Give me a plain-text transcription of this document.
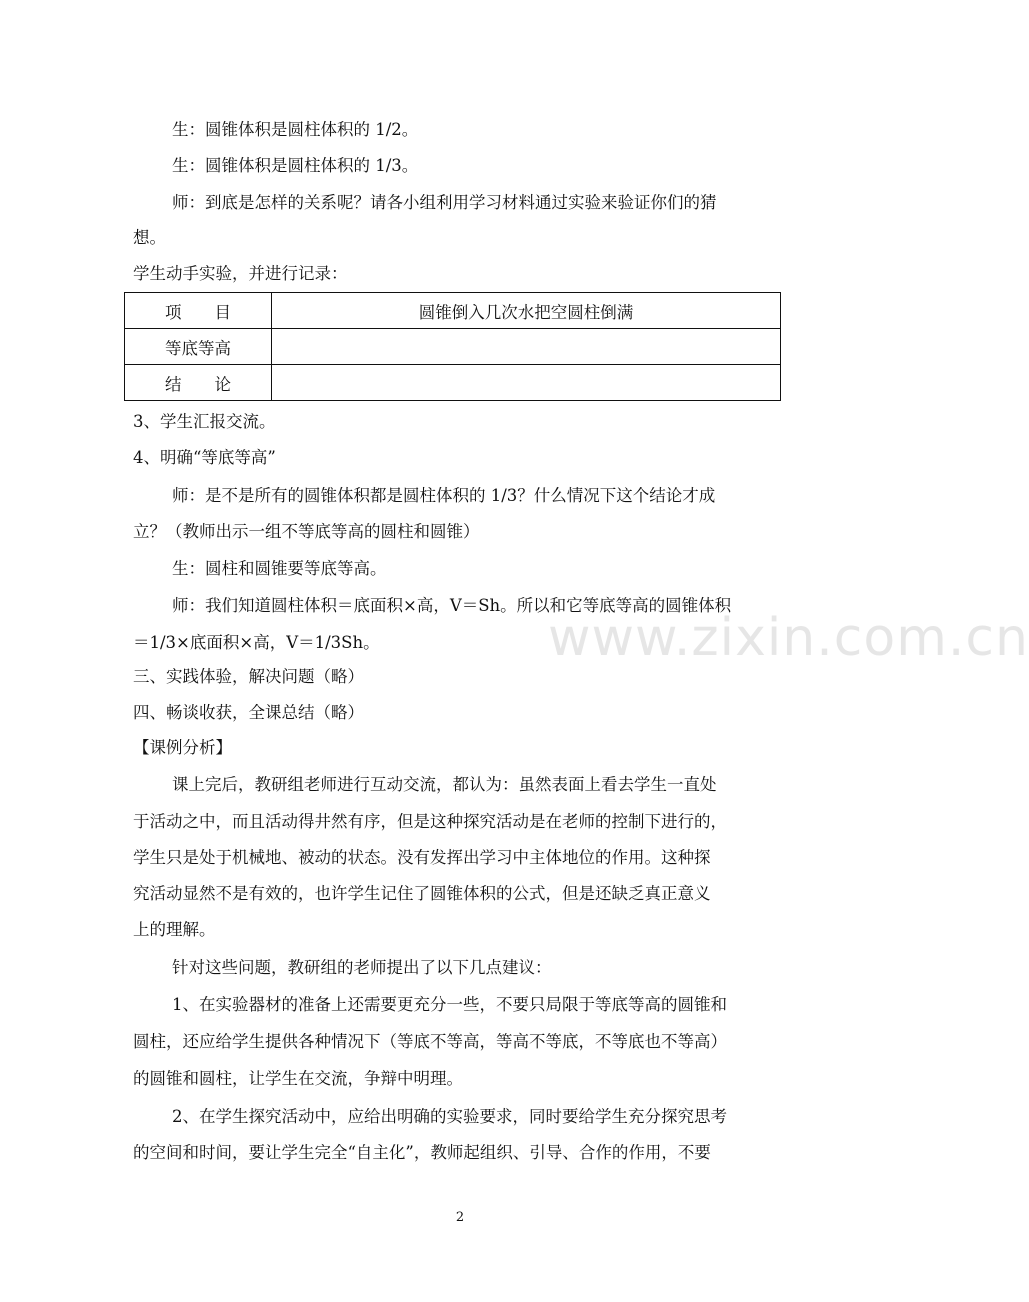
生：圆锥体积是圆柱体积的 1/2。
生：圆锥体积是圆柱体积的 1/3。
师：到底是怎样的关系呢？请各小组利用学习材料通过实验来验证你们的猜
想。
学生动手实验，并进行记录：
项　　目	圆锥倒入几次水把空圆柱倒满
等底等高	
结　　论	
3、学生汇报交流。
4、明确“等底等高”
师：是不是所有的圆锥体积都是圆柱体积的 1/3？什么情况下这个结论才成
立？（教师出示一组不等底等高的圆柱和圆锥）
生：圆柱和圆锥要等底等高。
师：我们知道圆柱体积＝底面积×高，V＝Sh。所以和它等底等高的圆锥体积
＝1/3×底面积×高，V＝1/3Sh。
三、实践体验，解决问题（略）
四、畅谈收获，全课总结（略）
【课例分析】
课上完后，教研组老师进行互动交流，都认为：虽然表面上看去学生一直处
于活动之中，而且活动得井然有序，但是这种探究活动是在老师的控制下进行的，
学生只是处于机械地、被动的状态。没有发挥出学习中主体地位的作用。这种探
究活动显然不是有效的，也许学生记住了圆锥体积的公式，但是还缺乏真正意义
上的理解。
针对这些问题，教研组的老师提出了以下几点建议：
1、在实验器材的准备上还需要更充分一些，不要只局限于等底等高的圆锥和
圆柱，还应给学生提供各种情况下（等底不等高，等高不等底，不等底也不等高）
的圆锥和圆柱，让学生在交流，争辩中明理。
2、在学生探究活动中，应给出明确的实验要求，同时要给学生充分探究思考
的空间和时间，要让学生完全“自主化”，教师起组织、引导、合作的作用，不要
www.zixin.com.cn
2
